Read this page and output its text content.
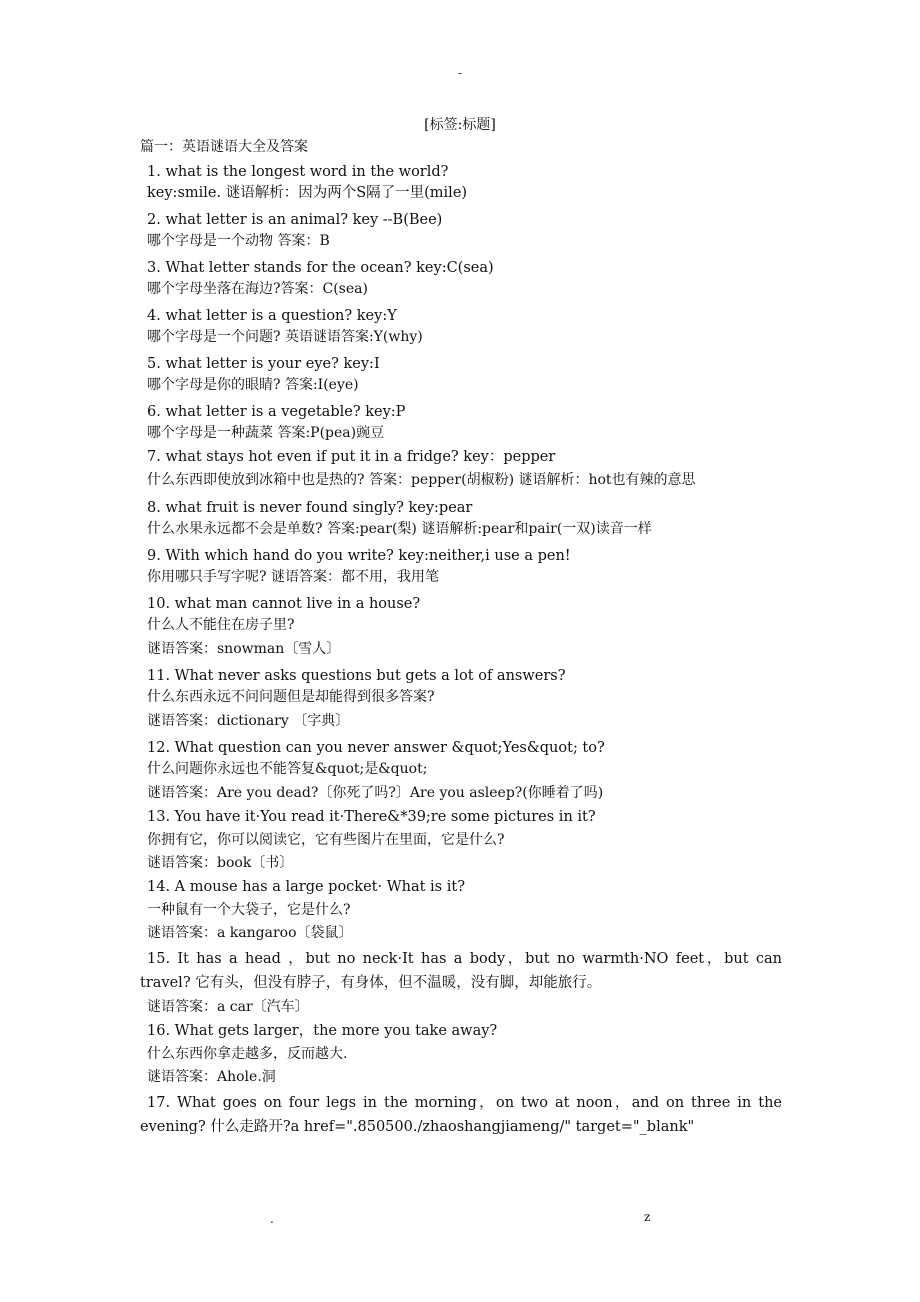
-
[标签:标题]
篇一：英语谜语大全及答案
1. what is the longest word in the world?
key:smile. 谜语解析：因为两个S隔了一里(mile)
2. what letter is an animal? key --B(Bee)
哪个字母是一个动物 答案：B
3. What letter stands for the ocean? key:C(sea)
哪个字母坐落在海边?答案：C(sea)
4. what letter is a question? key:Y
哪个字母是一个问题? 英语谜语答案:Y(why)
5. what letter is your eye? key:I
哪个字母是你的眼睛? 答案:I(eye)
6. what letter is a vegetable? key:P
哪个字母是一种蔬菜 答案:P(pea)豌豆
7. what stays hot even if put it in a fridge? key：pepper
什么东西即使放到冰箱中也是热的? 答案：pepper(胡椒粉) 谜语解析：hot也有辣的意思
8. what fruit is never found singly? key:pear
什么水果永远都不会是单数? 答案:pear(梨) 谜语解析:pear和pair(一双)读音一样
9. With which hand do you write? key:neither,i use a pen!
你用哪只手写字呢? 谜语答案：都不用，我用笔
10. what man cannot live in a house?
什么人不能住在房子里?
谜语答案：snowman〔雪人〕
11. What never asks questions but gets a lot of answers?
什么东西永远不问问题但是却能得到很多答案?
谜语答案：dictionary 〔字典〕
12. What question can you never answer &quot;Yes&quot; to?
什么问题你永远也不能答复&quot;是&quot;
谜语答案：Are you dead?〔你死了吗?〕Are you asleep?(你睡着了吗)
13. You have it·You read it·There&*39;re some pictures in it?
你拥有它，你可以阅读它，它有些图片在里面，它是什么?
谜语答案：book〔书〕
14. A mouse has a large pocket· What is it?
一种鼠有一个大袋子，它是什么?
谜语答案：a kangaroo〔袋鼠〕
15. It has a head ，but no neck·It has a body，but no warmth·NO feet，but can travel? 它有头，但没有脖子，有身体，但不温暖，没有脚，却能旅行。
谜语答案：a car〔汽车〕
16. What gets larger，the more you take away?
什么东西你拿走越多，反而越大.
谜语答案：Ahole.洞
17. What goes on four legs in the morning，on two at noon，and on three in the evening? 什么走路开?a href=".850500./zhaoshangjiameng/" target="_blank"
.	z
